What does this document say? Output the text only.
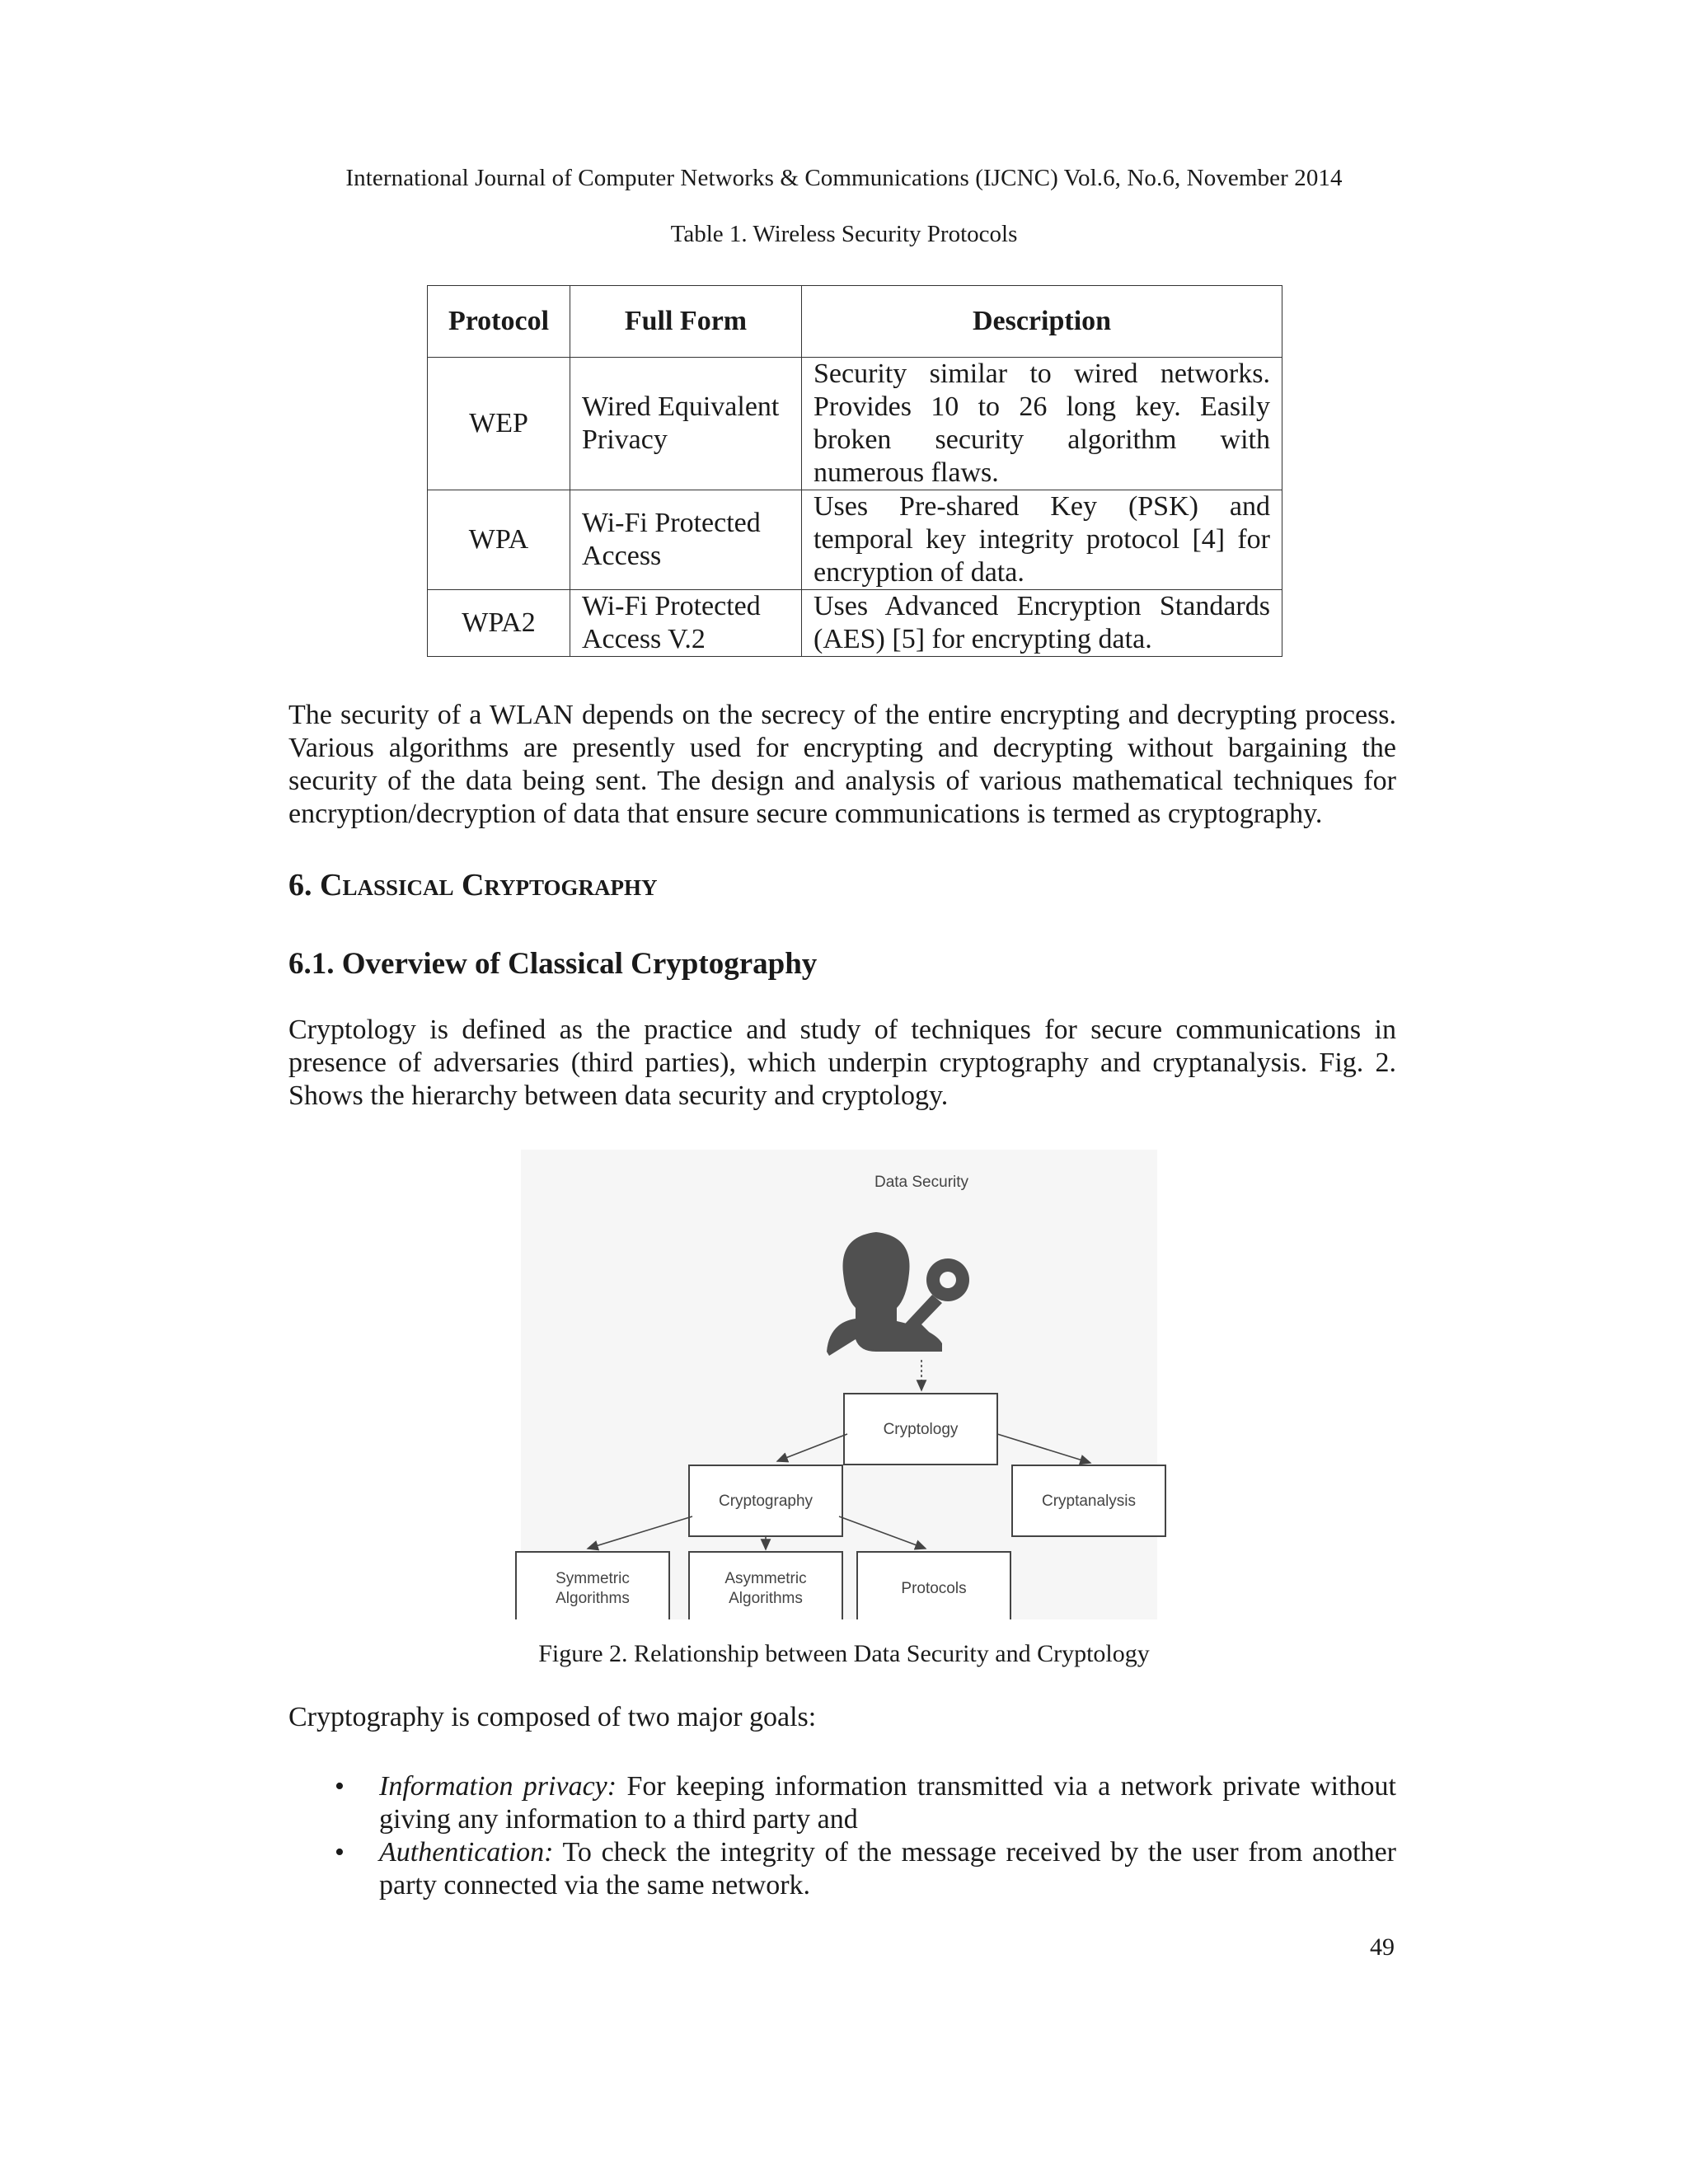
International Journal of Computer Networks & Communications (IJCNC) Vol.6, No.6, November 2014
Table 1. Wireless Security Protocols
Protocol	Full Form	Description
WEP	Wired Equivalent Privacy	Security similar to wired networks. Provides 10 to 26 long key. Easily broken security algorithm with numerous flaws.
WPA	Wi-Fi Protected Access	Uses Pre-shared Key (PSK) and temporal key integrity protocol [4] for encryption of data.
WPA2	Wi-Fi Protected Access V.2	Uses Advanced Encryption Standards (AES) [5] for encrypting data.
The security of a WLAN depends on the secrecy of the entire encrypting and decrypting process. Various algorithms are presently used for encrypting and decrypting without bargaining the security of the data being sent. The design and analysis of various mathematical techniques for encryption/decryption of data that ensure secure communications is termed as cryptography.
6. Classical Cryptography
6.1. Overview of Classical Cryptography
Cryptology is defined as the practice and study of techniques for secure communications in presence of adversaries (third parties), which underpin cryptography and cryptanalysis. Fig. 2. Shows the hierarchy between data security and cryptology.
Data Security
Cryptology
Cryptography	Cryptanalysis
Symmetric
Algorithms
Asymmetric
Algorithms
Protocols
Figure 2. Relationship between Data Security and Cryptology
Cryptography is composed of two major goals:
• Information privacy: For keeping information transmitted via a network private without giving any information to a third party and
• Authentication: To check the integrity of the message received by the user from another party connected via the same network.
49
